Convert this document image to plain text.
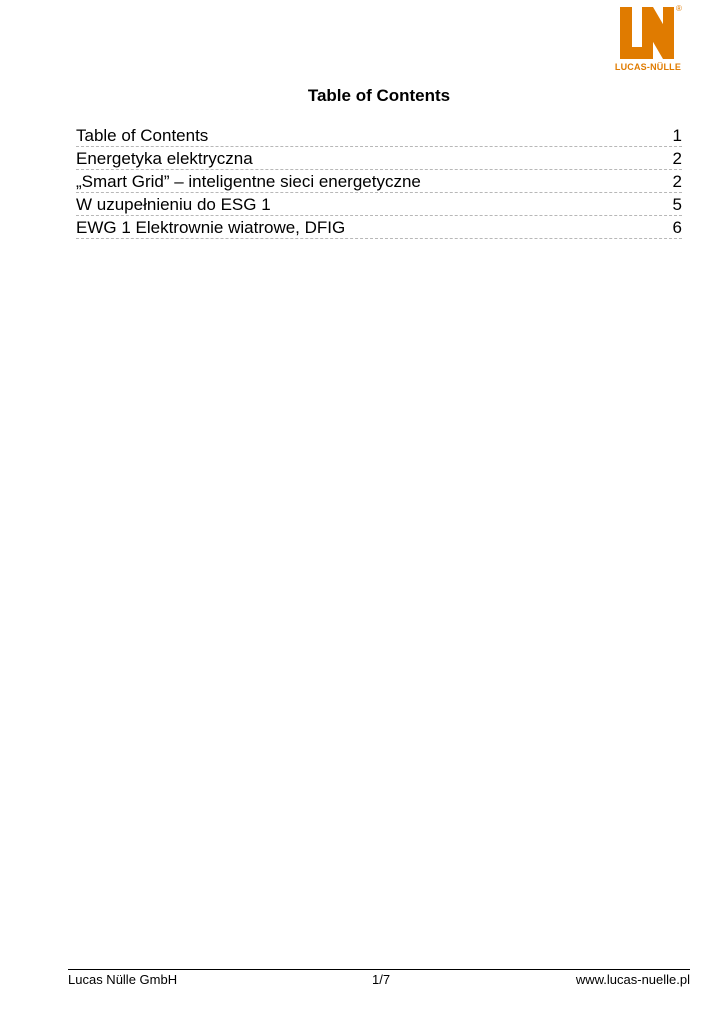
®
LUCAS-NÜLLE
Table of Contents
Table of Contents	1
Energetyka elektryczna	2
„Smart Grid” – inteligentne sieci energetyczne	2
W uzupełnieniu do ESG 1	5
EWG 1 Elektrownie wiatrowe, DFIG	6
Lucas Nülle GmbH	1/7	www.lucas-nuelle.pl
